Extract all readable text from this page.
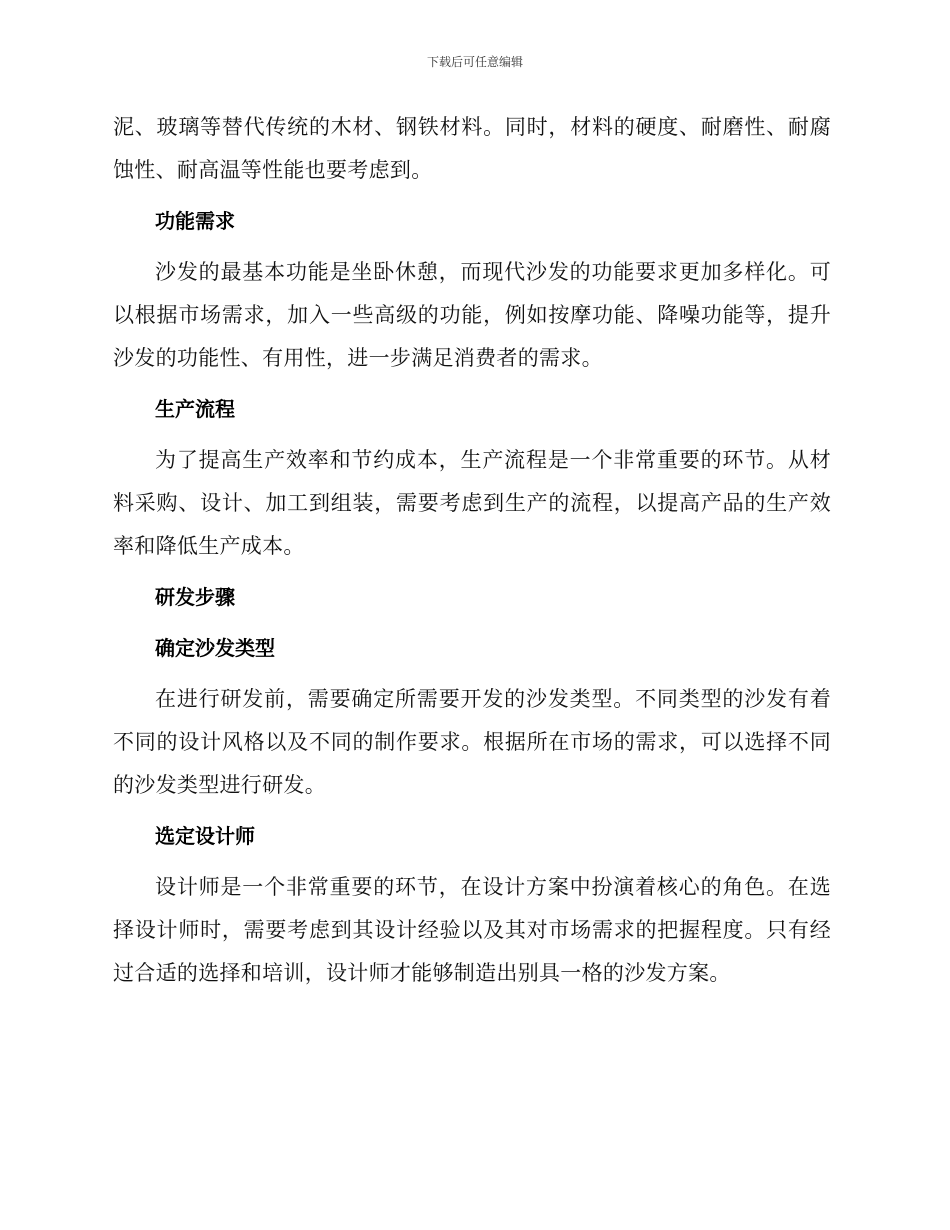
下载后可任意编辑

泥、玻璃等替代传统的木材、钢铁材料。同时，材料的硬度、耐磨性、耐腐蚀性、耐高温等性能也要考虑到。

功能需求

沙发的最基本功能是坐卧休憩，而现代沙发的功能要求更加多样化。可以根据市场需求，加入一些高级的功能，例如按摩功能、降噪功能等，提升沙发的功能性、有用性，进一步满足消费者的需求。

生产流程

为了提高生产效率和节约成本，生产流程是一个非常重要的环节。从材料采购、设计、加工到组装，需要考虑到生产的流程，以提高产品的生产效率和降低生产成本。

研发步骤
确定沙发类型

在进行研发前，需要确定所需要开发的沙发类型。不同类型的沙发有着不同的设计风格以及不同的制作要求。根据所在市场的需求，可以选择不同的沙发类型进行研发。

选定设计师

设计师是一个非常重要的环节，在设计方案中扮演着核心的角色。在选择设计师时，需要考虑到其设计经验以及其对市场需求的把握程度。只有经过合适的选择和培训，设计师才能够制造出别具一格的沙发方案。
